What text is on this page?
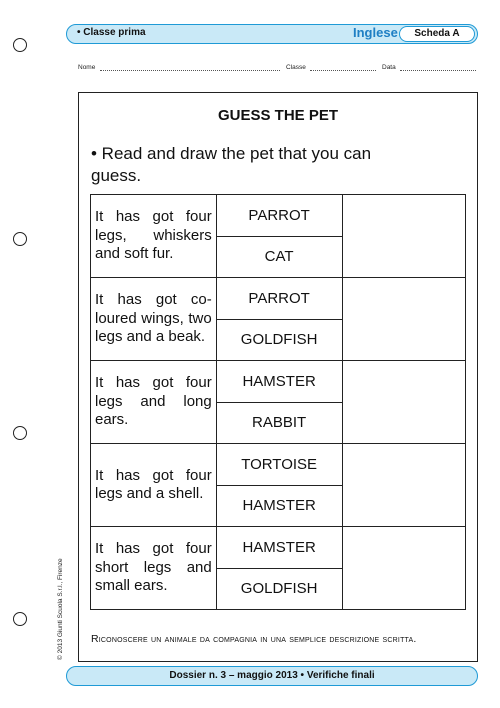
• Classe prima	Inglese	Scheda A
Nome	Classe	Data
GUESS THE PET
• Read and draw the pet that you can guess.
It has got four legs, whiskers and soft fur.	PARROT	
	CAT	
It has got co-loured wings, two legs and a beak.	PARROT	
	GOLDFISH	
It has got four legs and long ears.	HAMSTER	
	RABBIT	
It has got four legs and a shell.	TORTOISE	
	HAMSTER	
It has got four short legs and small ears.	HAMSTER	
	GOLDFISH	
Riconoscere un animale da compagnia in una semplice descrizione scritta.
© 2013 Giunti Scuola S.r.l., Firenze
Dossier n. 3 – maggio 2013 • Verifiche finali
